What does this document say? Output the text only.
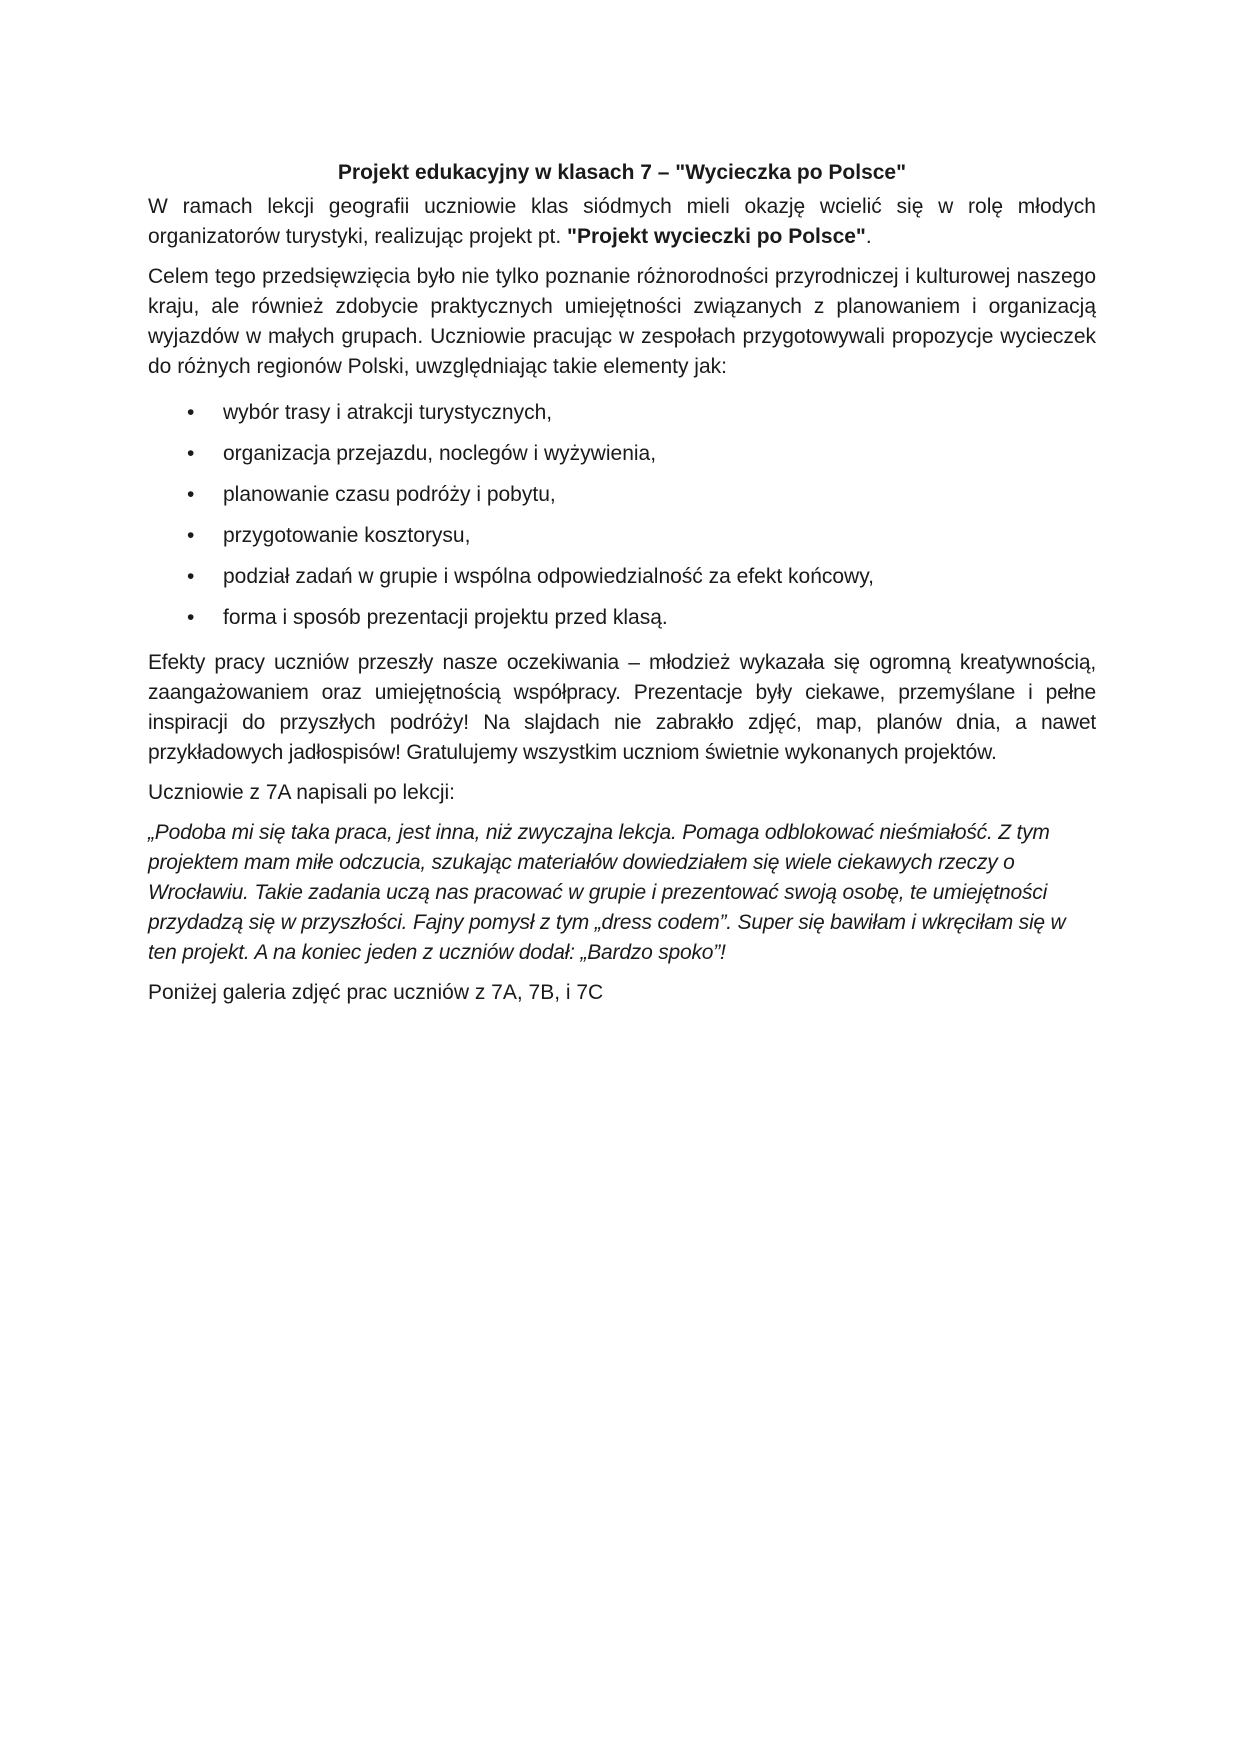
Projekt edukacyjny w klasach 7 – "Wycieczka po Polsce"

W ramach lekcji geografii uczniowie klas siódmych mieli okazję wcielić się w rolę młodych organizatorów turystyki, realizując projekt pt. "Projekt wycieczki po Polsce".

Celem tego przedsięwzięcia było nie tylko poznanie różnorodności przyrodniczej i kulturowej naszego kraju, ale również zdobycie praktycznych umiejętności związanych z planowaniem i organizacją wyjazdów w małych grupach. Uczniowie pracując w zespołach przygotowywali propozycje wycieczek do różnych regionów Polski, uwzględniając takie elementy jak:

• wybór trasy i atrakcji turystycznych,
• organizacja przejazdu, noclegów i wyżywienia,
• planowanie czasu podróży i pobytu,
• przygotowanie kosztorysu,
• podział zadań w grupie i wspólna odpowiedzialność za efekt końcowy,
• forma i sposób prezentacji projektu przed klasą.

Efekty pracy uczniów przeszły nasze oczekiwania – młodzież wykazała się ogromną kreatywnością, zaangażowaniem oraz umiejętnością współpracy. Prezentacje były ciekawe, przemyślane i pełne inspiracji do przyszłych podróży! Na slajdach nie zabrakło zdjęć, map, planów dnia, a nawet przykładowych jadłospisów! Gratulujemy wszystkim uczniom świetnie wykonanych projektów.

Uczniowie z 7A napisali po lekcji:

„Podoba mi się taka praca, jest inna, niż zwyczajna lekcja. Pomaga odblokować nieśmiałość. Z tym projektem mam miłe odczucia, szukając materiałów dowiedziałem się wiele ciekawych rzeczy o Wrocławiu. Takie zadania uczą nas pracować w grupie i prezentować swoją osobę, te umiejętności przydadzą się w przyszłości. Fajny pomysł z tym „dress codem”. Super się bawiłam i wkręciłam się w ten projekt. A na koniec jeden z uczniów dodał: „Bardzo spoko”!

Poniżej galeria zdjęć prac uczniów z 7A, 7B, i 7C
